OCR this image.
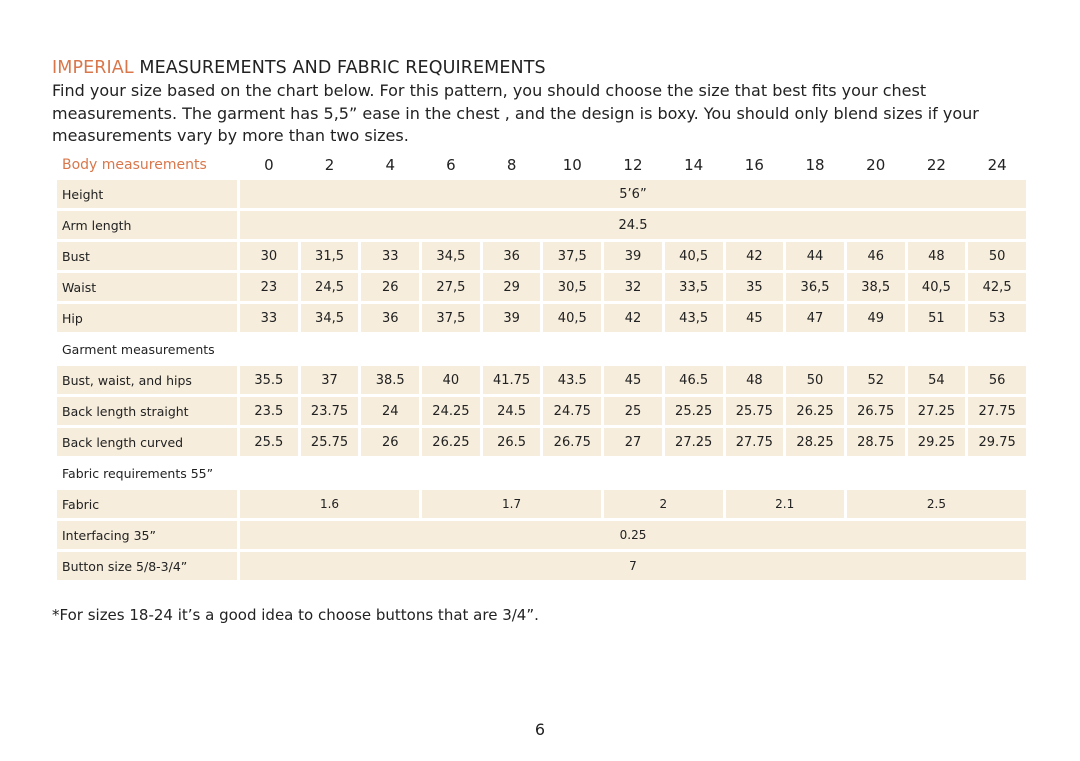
IMPERIAL MEASUREMENTS AND FABRIC REQUIREMENTS
Find your size based on the chart below. For this pattern, you should choose the size that best fits your chest measurements. The garment has 5,5” ease in the chest , and the design is boxy. You should only blend sizes if your measurements vary by more than two sizes.
Body measurements	0	2	4	6	8	10	12	14	16	18	20	22	24
Height	5’6”												
Arm length	24.5												
Bust	30	31,5	33	34,5	36	37,5	39	40,5	42	44	46	48	50
Waist	23	24,5	26	27,5	29	30,5	32	33,5	35	36,5	38,5	40,5	42,5
Hip	33	34,5	36	37,5	39	40,5	42	43,5	45	47	49	51	53
Garment measurements													
Bust, waist, and hips	35.5	37	38.5	40	41.75	43.5	45	46.5	48	50	52	54	56
Back length straight	23.5	23.75	24	24.25	24.5	24.75	25	25.25	25.75	26.25	26.75	27.25	27.75
Back length curved	25.5	25.75	26	26.25	26.5	26.75	27	27.25	27.75	28.25	28.75	29.25	29.75
Fabric requirements 55”													
Fabric	1.6			1.7			2		2.1		2.5		
Interfacing 35”	0.25												
Button size 5/8-3/4”	7												
*For sizes 18-24 it’s a good idea to choose buttons that are 3/4”.
6
